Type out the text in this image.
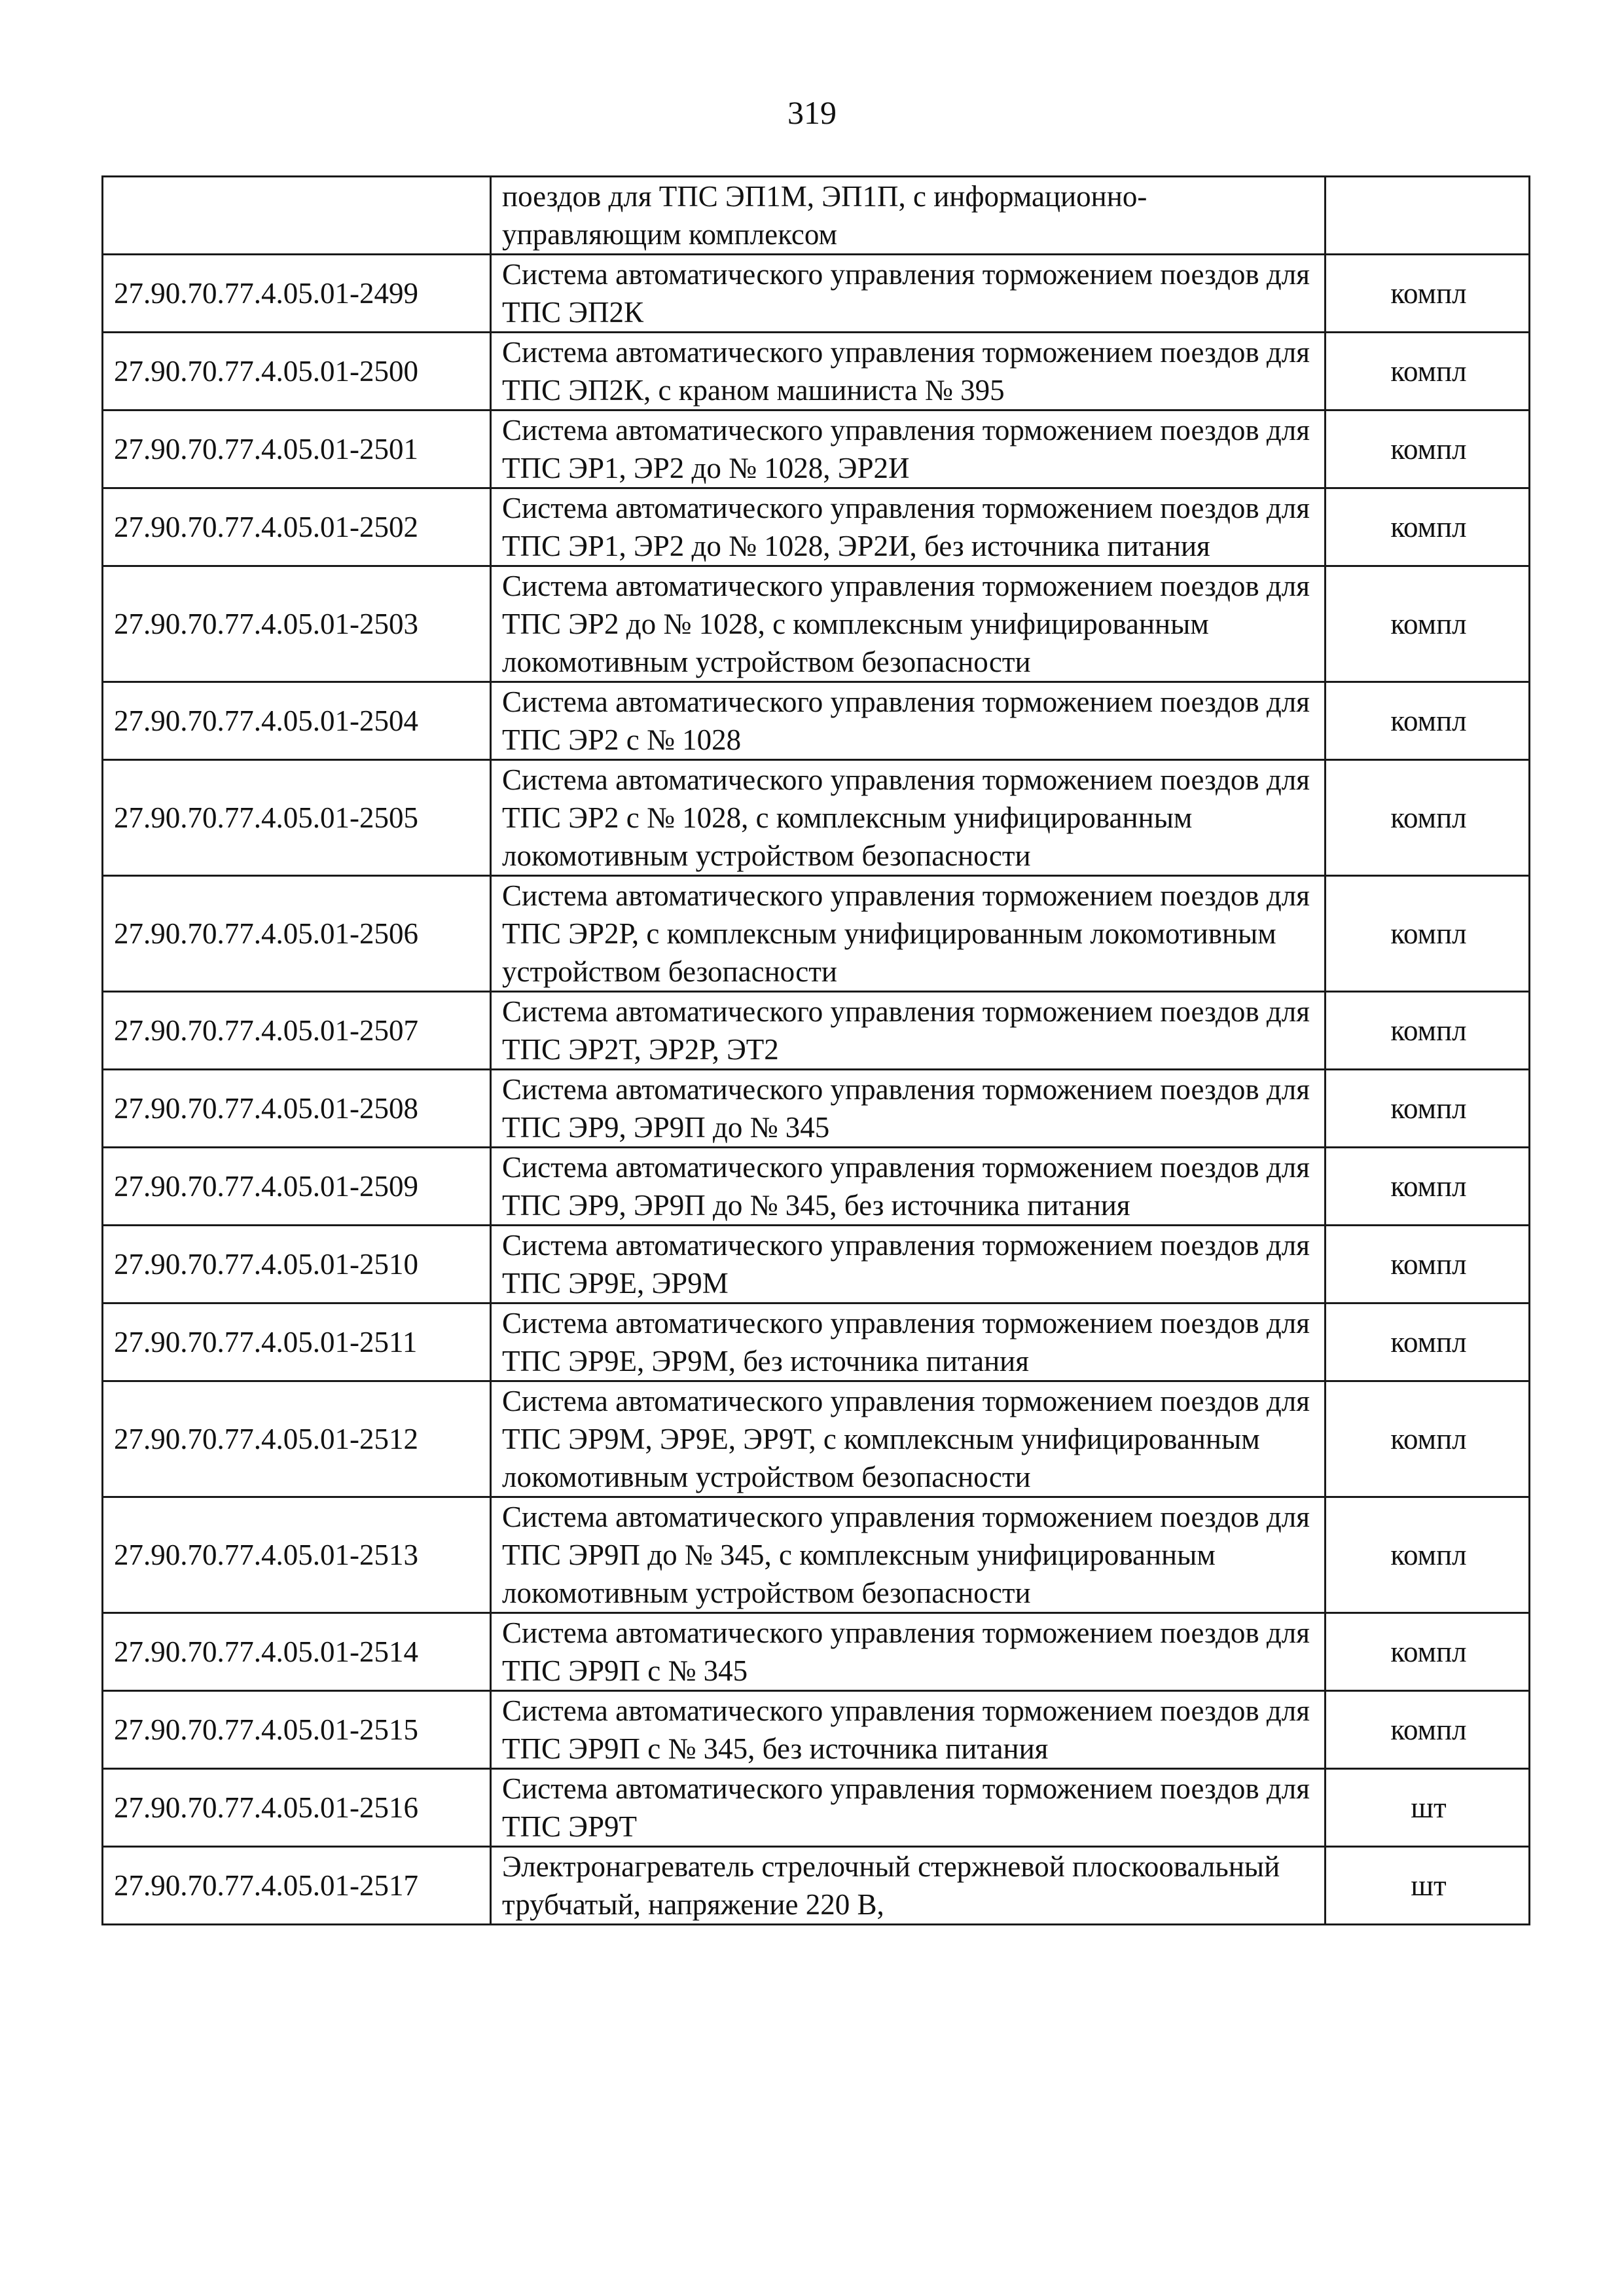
319
	поездов для ТПС ЭП1М, ЭП1П, с информационно-управляющим комплексом	
27.90.70.77.4.05.01-2499	Система автоматического управления торможением поездов для ТПС ЭП2К	компл
27.90.70.77.4.05.01-2500	Система автоматического управления торможением поездов для ТПС ЭП2К, с краном машиниста № 395	компл
27.90.70.77.4.05.01-2501	Система автоматического управления торможением поездов для ТПС ЭР1, ЭР2 до № 1028, ЭР2И	компл
27.90.70.77.4.05.01-2502	Система автоматического управления торможением поездов для ТПС ЭР1, ЭР2 до № 1028, ЭР2И, без источника питания	компл
27.90.70.77.4.05.01-2503	Система автоматического управления торможением поездов для ТПС ЭР2 до № 1028, с комплексным унифицированным локомотивным устройством безопасности	компл
27.90.70.77.4.05.01-2504	Система автоматического управления торможением поездов для ТПС ЭР2 с № 1028	компл
27.90.70.77.4.05.01-2505	Система автоматического управления торможением поездов для ТПС ЭР2 с № 1028, с комплексным унифицированным локомотивным устройством безопасности	компл
27.90.70.77.4.05.01-2506	Система автоматического управления торможением поездов для ТПС ЭР2Р, с комплексным унифицированным локомотивным устройством безопасности	компл
27.90.70.77.4.05.01-2507	Система автоматического управления торможением поездов для ТПС ЭР2Т, ЭР2Р, ЭТ2	компл
27.90.70.77.4.05.01-2508	Система автоматического управления торможением поездов для ТПС ЭР9, ЭР9П до № 345	компл
27.90.70.77.4.05.01-2509	Система автоматического управления торможением поездов для ТПС ЭР9, ЭР9П до № 345, без источника питания	компл
27.90.70.77.4.05.01-2510	Система автоматического управления торможением поездов для ТПС ЭР9Е, ЭР9М	компл
27.90.70.77.4.05.01-2511	Система автоматического управления торможением поездов для ТПС ЭР9Е, ЭР9М, без источника питания	компл
27.90.70.77.4.05.01-2512	Система автоматического управления торможением поездов для ТПС ЭР9М, ЭР9Е, ЭР9Т, с комплексным унифицированным локомотивным устройством безопасности	компл
27.90.70.77.4.05.01-2513	Система автоматического управления торможением поездов для ТПС ЭР9П до № 345, с комплексным унифицированным локомотивным устройством безопасности	компл
27.90.70.77.4.05.01-2514	Система автоматического управления торможением поездов для ТПС ЭР9П с № 345	компл
27.90.70.77.4.05.01-2515	Система автоматического управления торможением поездов для ТПС ЭР9П с № 345, без источника питания	компл
27.90.70.77.4.05.01-2516	Система автоматического управления торможением поездов для ТПС ЭР9Т	шт
27.90.70.77.4.05.01-2517	Электронагреватель стрелочный стержневой плоскоовальный трубчатый, напряжение 220 В,	шт
